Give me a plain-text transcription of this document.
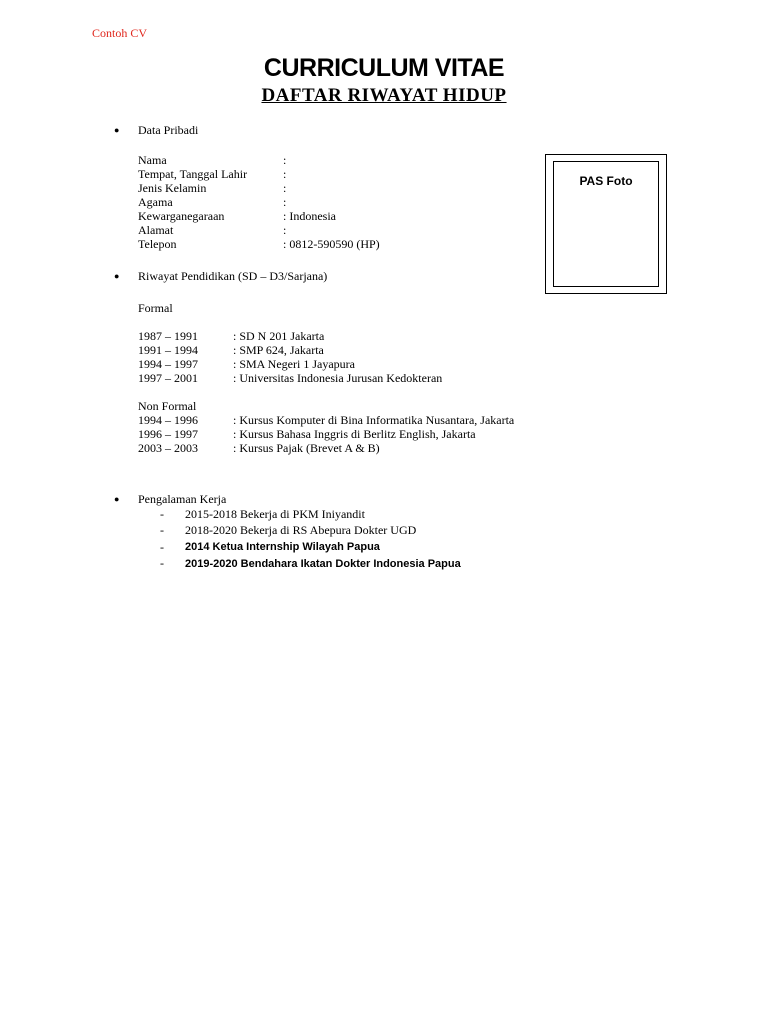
Contoh CV
CURRICULUM VITAE
DAFTAR RIWAYAT HIDUP
● Data Pribadi
Nama	:
Tempat, Tanggal Lahir	:
Jenis Kelamin	:
Agama	:
Kewarganegaraan	: Indonesia
Alamat	:
Telepon	: 0812-590590 (HP)
PAS Foto
● Riwayat Pendidikan (SD – D3/Sarjana)
Formal
1987 – 1991	: SD N 201 Jakarta
1991 – 1994	: SMP 624, Jakarta
1994 – 1997	: SMA Negeri 1 Jayapura
1997 – 2001	: Universitas Indonesia Jurusan Kedokteran
Non Formal
1994 – 1996	: Kursus Komputer di Bina Informatika Nusantara, Jakarta
1996 – 1997	: Kursus Bahasa Inggris di Berlitz English, Jakarta
2003 – 2003	: Kursus Pajak (Brevet A & B)
● Pengalaman Kerja
-	2015-2018 Bekerja di PKM Iniyandit
-	2018-2020 Bekerja di RS Abepura Dokter UGD
-	2014 Ketua Internship Wilayah Papua
-	2019-2020 Bendahara Ikatan Dokter Indonesia Papua
